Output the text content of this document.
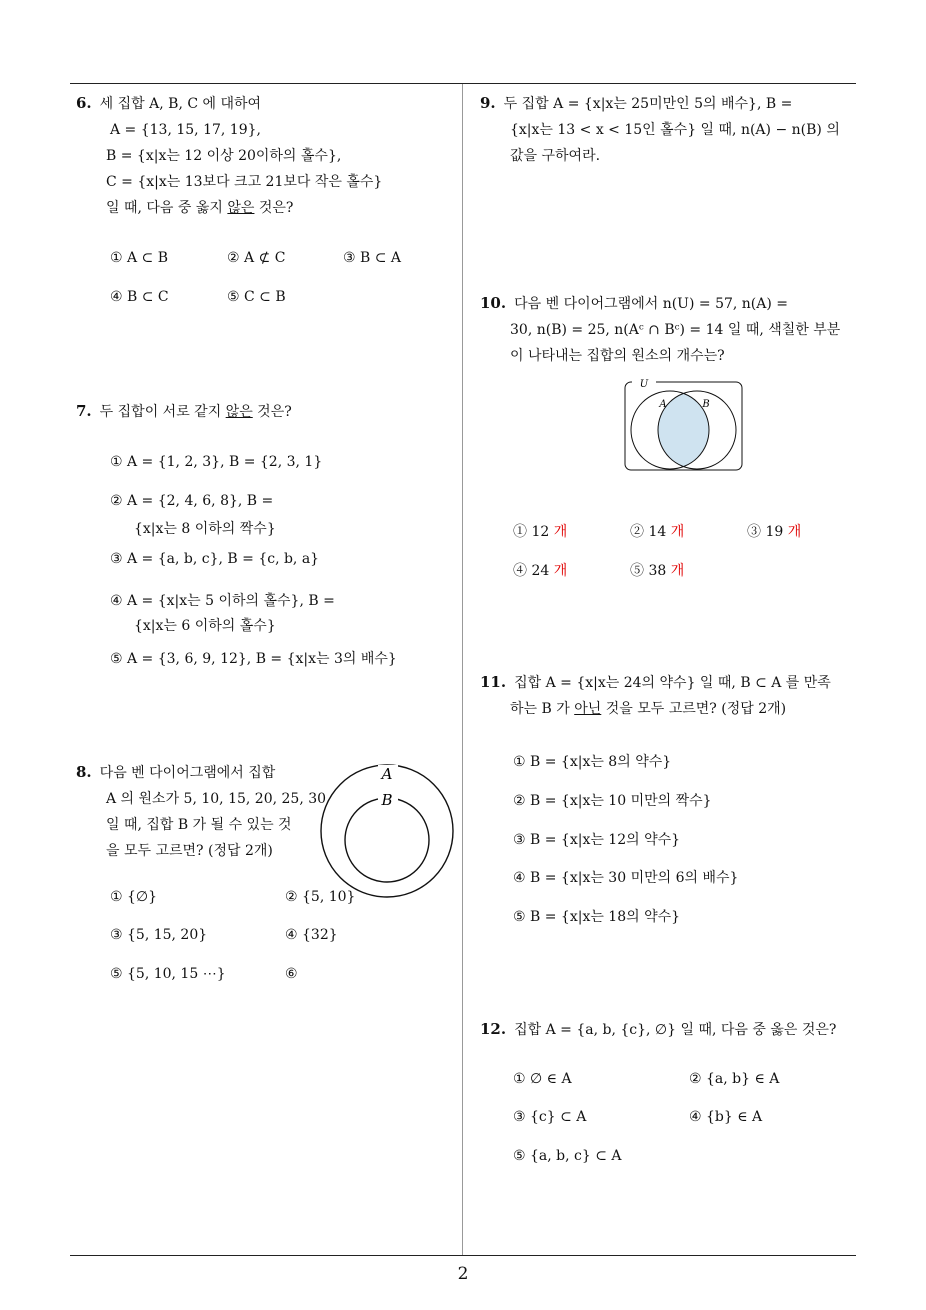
6. 세 집합 A, B, C 에 대하여
A = {13, 15, 17, 19},
B = {x|x는 12 이상 20이하의 홀수},
C = {x|x는 13보다 크고 21보다 작은 홀수}
일 때, 다음 중 옳지 않은 것은?
① A ⊂ B	② A ⊄ C	③ B ⊂ A
④ B ⊂ C	⑤ C ⊂ B
7. 두 집합이 서로 같지 않은 것은?
① A = {1, 2, 3}, B = {2, 3, 1}
② A = {2, 4, 6, 8}, B =
{x|x는 8 이하의 짝수}
③ A = {a, b, c}, B = {c, b, a}
④ A = {x|x는 5 이하의 홀수}, B =
{x|x는 6 이하의 홀수}
⑤ A = {3, 6, 9, 12}, B = {x|x는 3의 배수}
8. 다음 벤 다이어그램에서 집합
A 의 원소가 5, 10, 15, 20, 25, 30
일 때, 집합 B 가 될 수 있는 것
을 모두 고르면? (정답 2개)
A
B
① {∅}	② {5, 10}
③ {5, 15, 20}	④ {32}
⑤ {5, 10, 15 ⋯}	⑥
9. 두 집합 A = {x|x는 25미만인 5의 배수}, B =
{x|x는 13 < x < 15인 홀수} 일 때, n(A) − n(B) 의
값을 구하여라.
10. 다음 벤 다이어그램에서 n(U) = 57, n(A) =
30, n(B) = 25, n(Aᶜ ∩ Bᶜ) = 14 일 때, 색칠한 부분
이 나타내는 집합의 원소의 개수는?
U
A	B
① 12 개	② 14 개	③ 19 개
④ 24 개	⑤ 38 개
11. 집합 A = {x|x는 24의 약수} 일 때, B ⊂ A 를 만족
하는 B 가 아닌 것을 모두 고르면? (정답 2개)
① B = {x|x는 8의 약수}
② B = {x|x는 10 미만의 짝수}
③ B = {x|x는 12의 약수}
④ B = {x|x는 30 미만의 6의 배수}
⑤ B = {x|x는 18의 약수}
12. 집합 A = {a, b, {c}, ∅} 일 때, 다음 중 옳은 것은?
① ∅ ∈ A	② {a, b} ∈ A
③ {c} ⊂ A	④ {b} ∈ A
⑤ {a, b, c} ⊂ A
2
